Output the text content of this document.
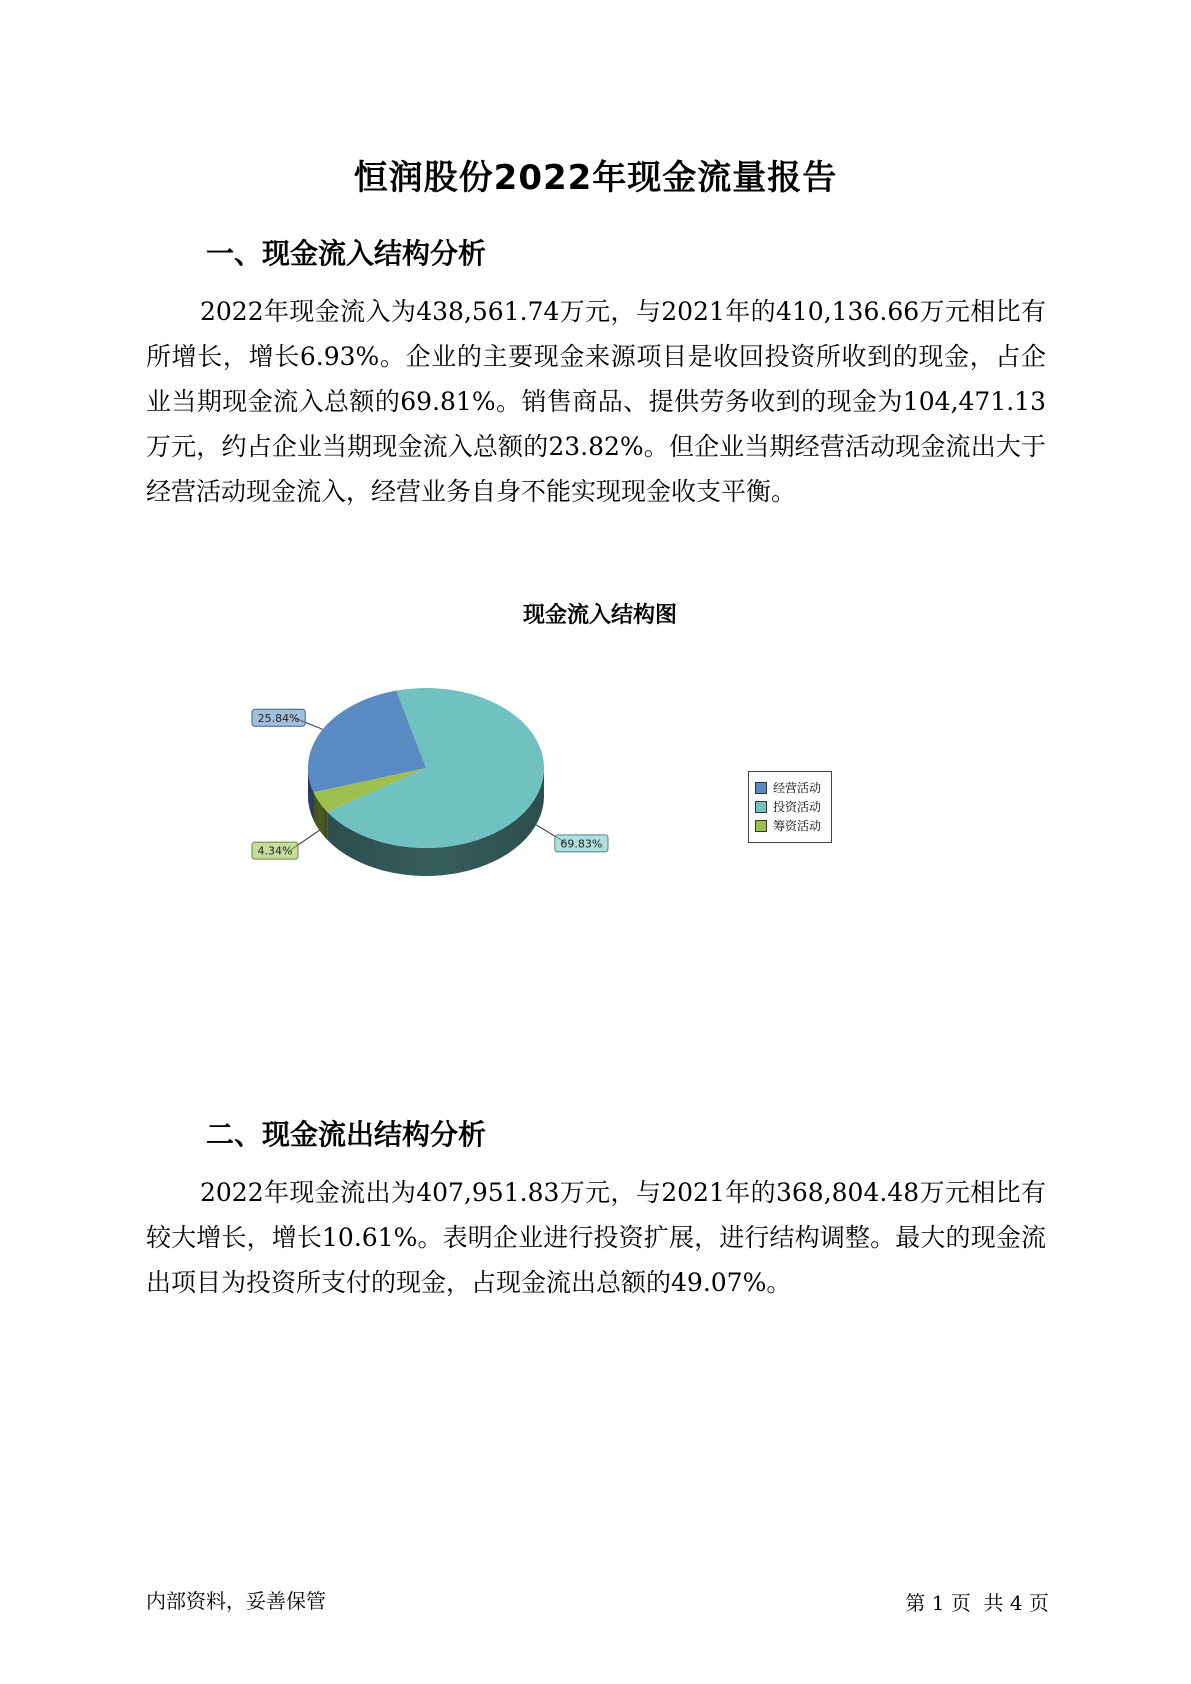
恒润股份2022年现金流量报告
一、现金流入结构分析

2022年现金流入为438,561.74万元，与2021年的410,136.66万元相比有所增长，增长6.93%。企业的主要现金来源项目是收回投资所收到的现金，占企业当期现金流入总额的69.81%。销售商品、提供劳务收到的现金为104,471.13万元，约占企业当期现金流入总额的23.82%。但企业当期经营活动现金流出大于经营活动现金流入，经营业务自身不能实现现金收支平衡。

现金流入结构图
69.83%
4.34%
25.84%
经营活动
投资活动
筹资活动
二、现金流出结构分析

2022年现金流出为407,951.83万元，与2021年的368,804.48万元相比有较大增长，增长10.61%。表明企业进行投资扩展，进行结构调整。最大的现金流出项目为投资所支付的现金，占现金流出总额的49.07%。

内部资料，妥善保管	第 1 页  共 4 页
